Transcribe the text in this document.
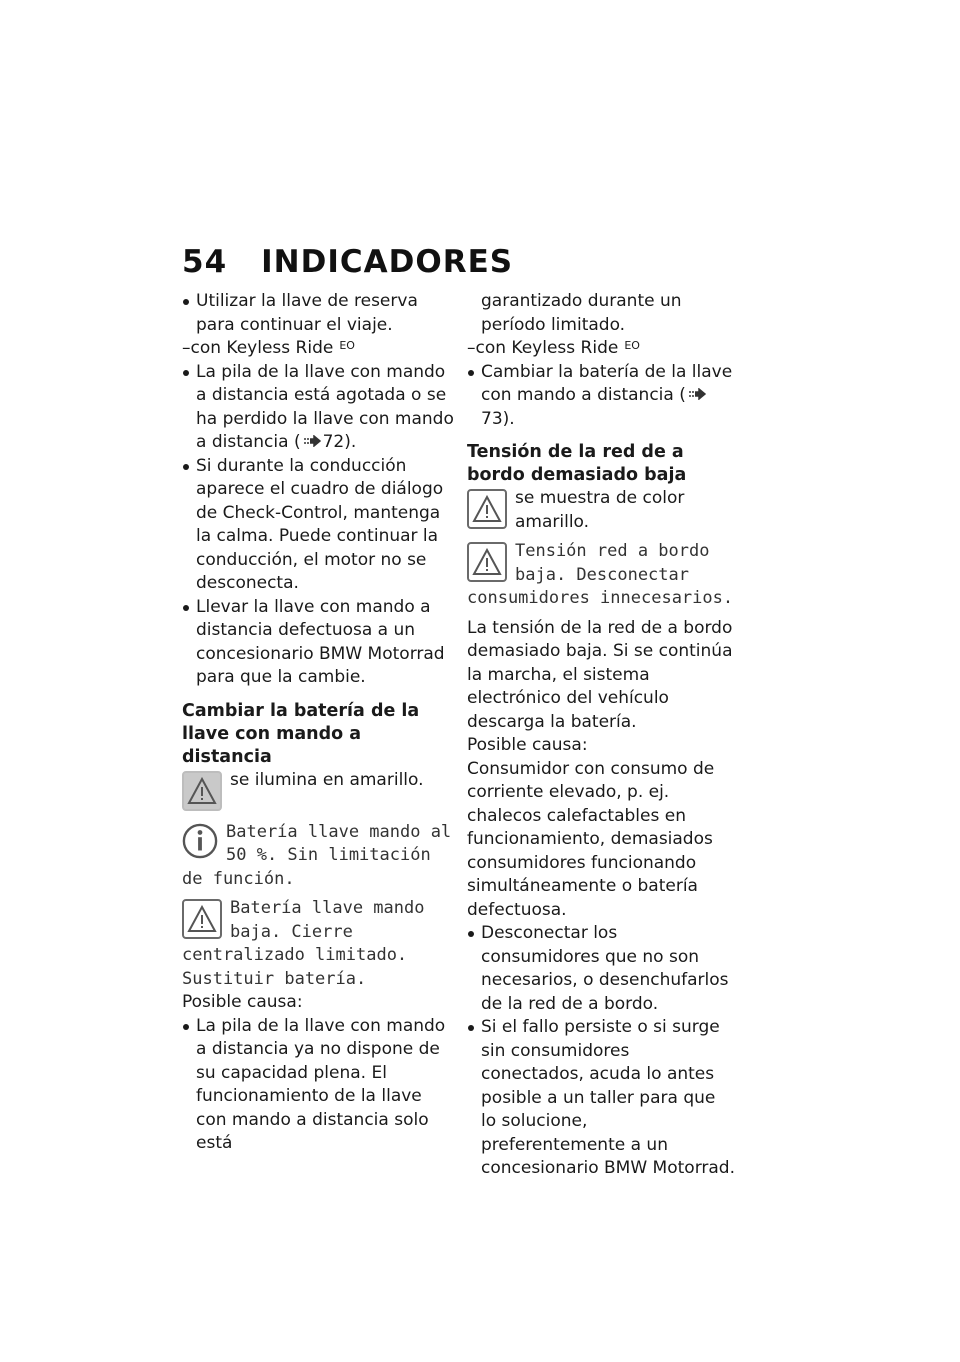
54 INDICADORES

Utilizar la llave de reserva para continuar el viaje.

–con Keyless Ride $^{EO}$

La pila de la llave con mando a distancia está agotada o se ha perdido la llave con mando a distancia ( 72).

Si durante la conducción aparece el cuadro de diálogo de Check-Control, mantenga la calma. Puede continuar la conducción, el motor no se desconecta.

Llevar la llave con mando a distancia defectuosa a un concesionario BMW Motorrad para que la cambie.

Cambiar la batería de la llave con mando a distancia

se ilumina en amarillo.

Batería llave mando al 50 %. Sin limitación de función.

Batería llave mando baja. Cierre centralizado limitado. Sustituir batería.

Posible causa:

La pila de la llave con mando a distancia ya no dispone de su capacidad plena. El funcionamiento de la llave con mando a distancia solo está

garantizado durante un período limitado.

–con Keyless Ride $^{EO}$

Cambiar la batería de la llave con mando a distancia (73).

Tensión de la red de a bordo demasiado baja

se muestra de color amarillo.

Tensión red a bordo baja. Desconectar consumidores innecesarios.

La tensión de la red de a bordo demasiado baja. Si se continúa la marcha, el sistema electrónico del vehículo descarga la batería.

Posible causa:

Consumidor con consumo de corriente elevado, p. ej. chalecos calefactables en funcionamiento, demasiados consumidores funcionando simultáneamente o batería defectuosa.

Desconectar los consumidores que no son necesarios, o desenchufarlos de la red de a bordo.

Si el fallo persiste o si surge sin consumidores conectados, acuda lo antes posible a un taller para que lo solucione, preferentemente a un concesionario BMW Motorrad.
